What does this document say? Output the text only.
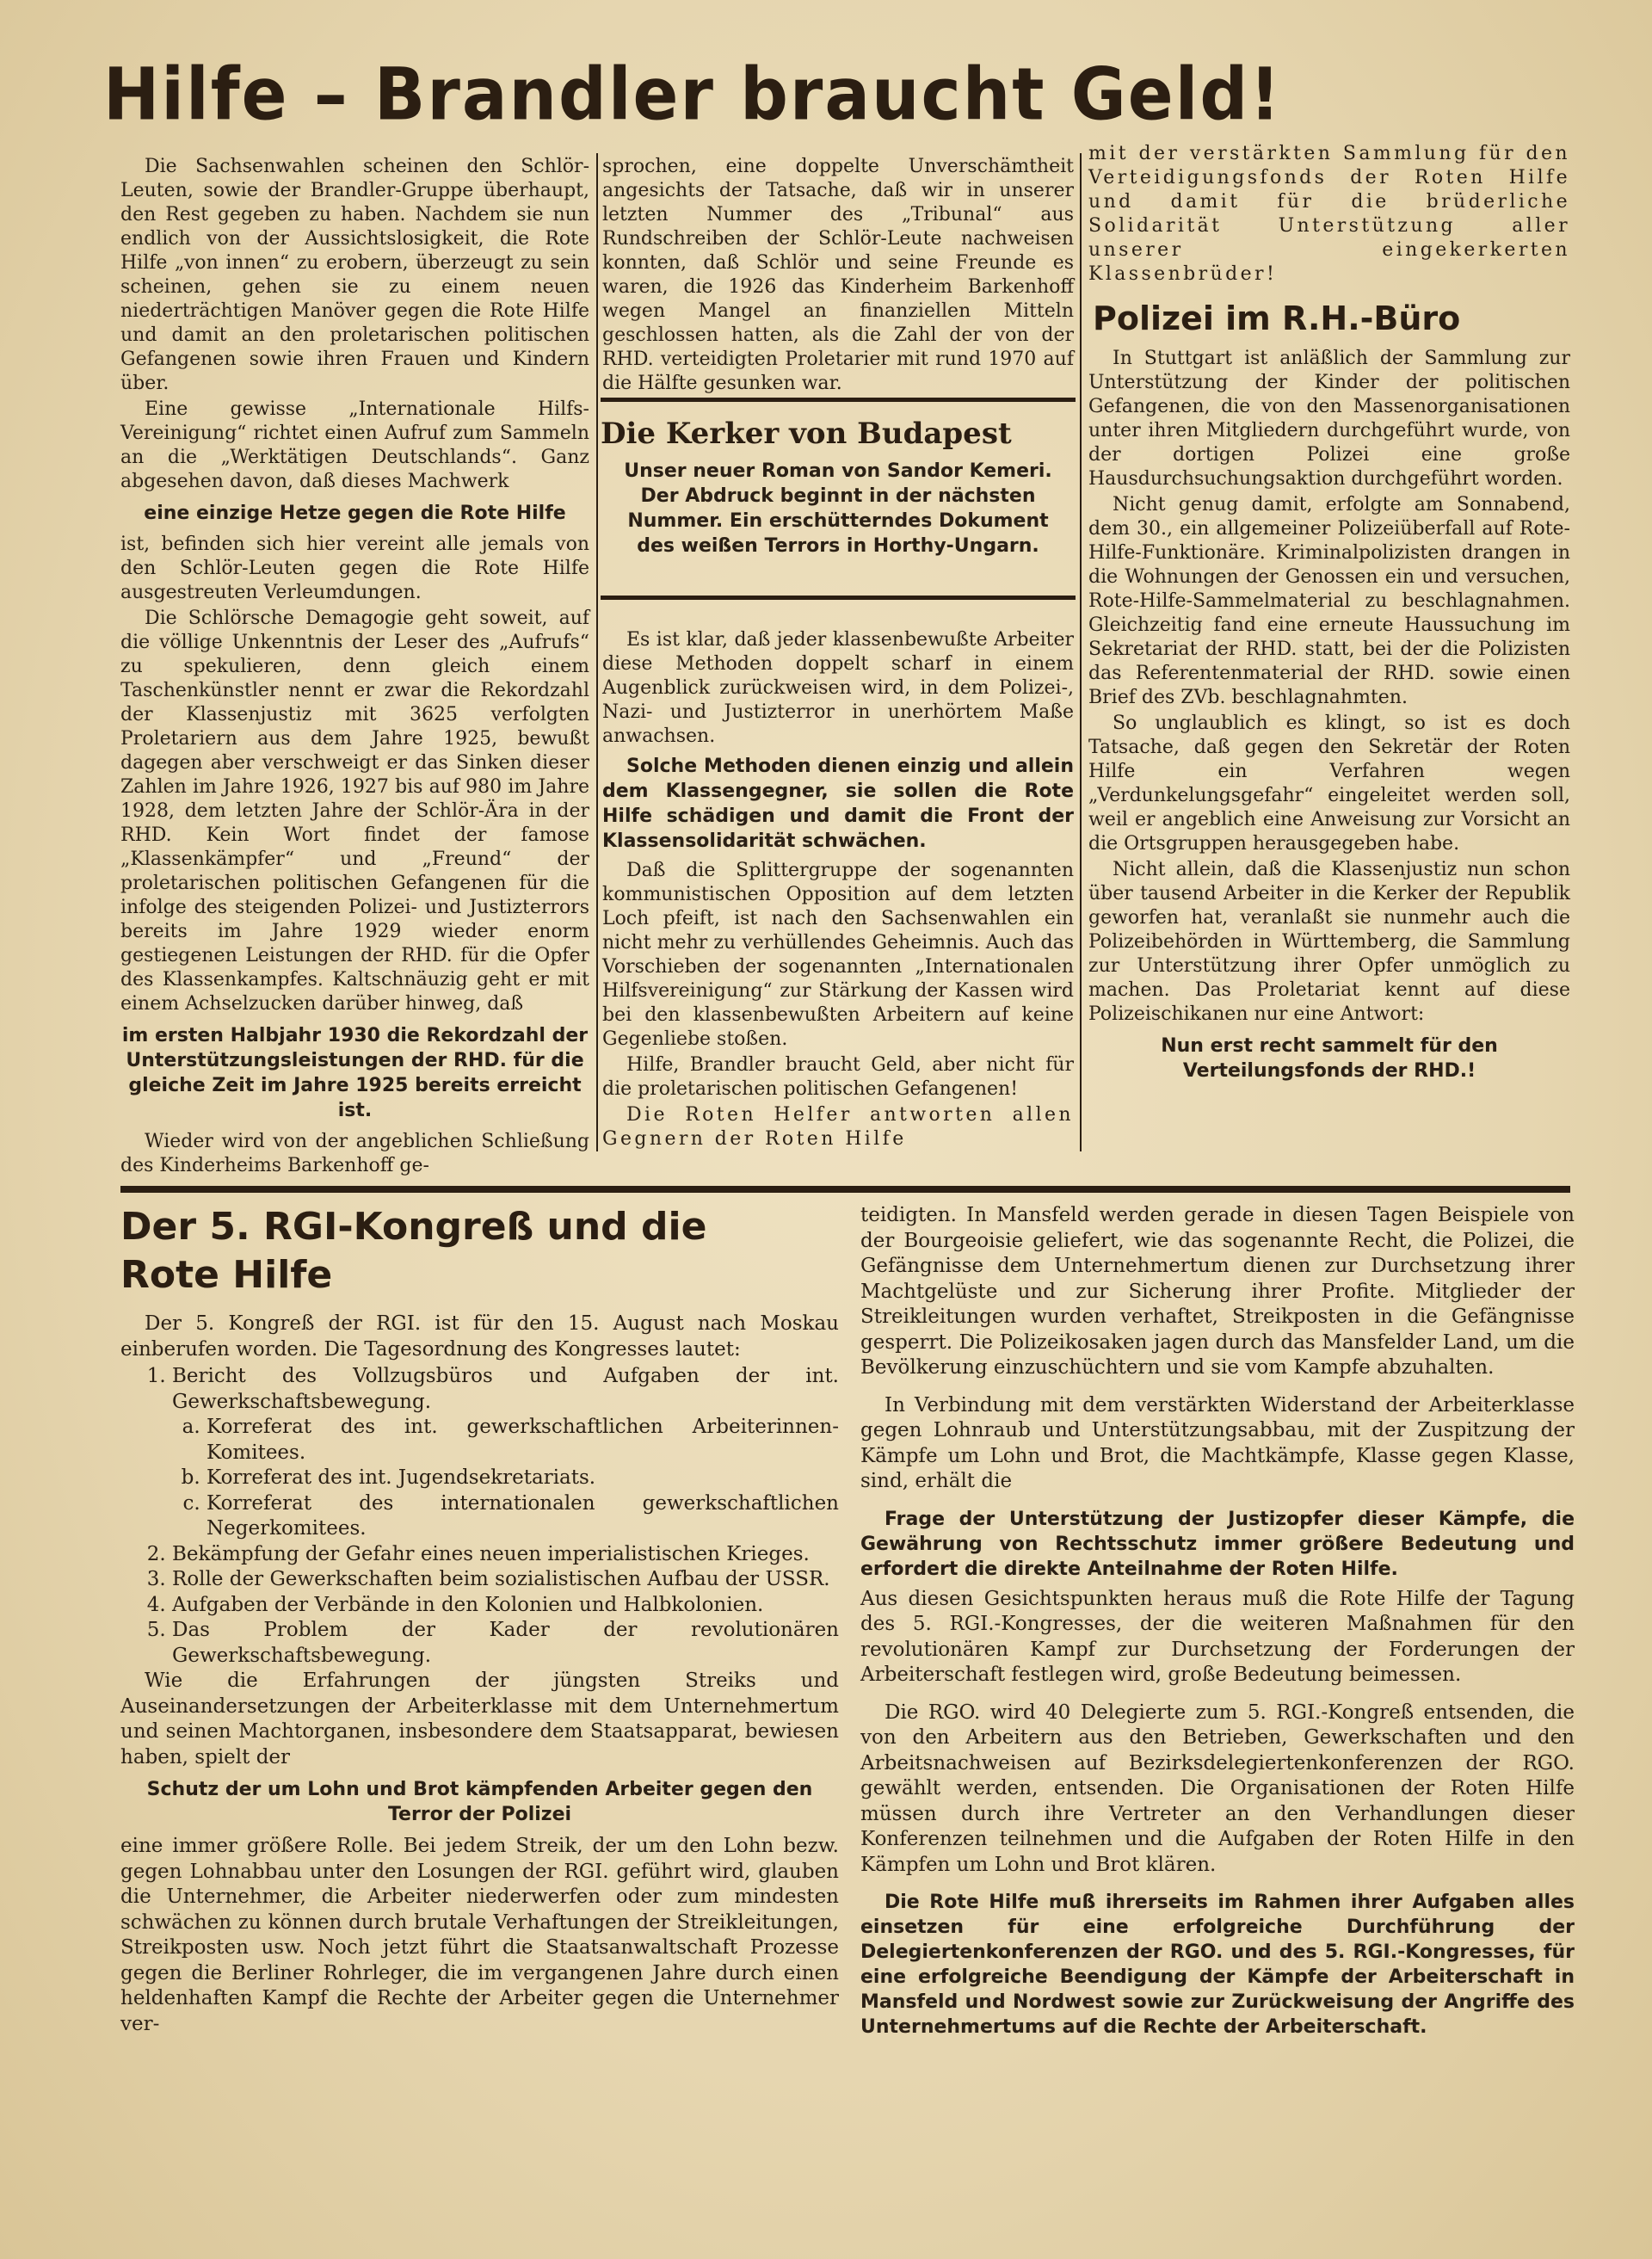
Hilfe – Brandler braucht Geld!

Die Sachsenwahlen scheinen den Schlör-Leuten, sowie der Brandler-Gruppe überhaupt, den Rest gegeben zu haben. Nachdem sie nun endlich von der Aussichtslosigkeit, die Rote Hilfe „von innen“ zu erobern, überzeugt zu sein scheinen, gehen sie zu einem neuen niederträchtigen Manöver gegen die Rote Hilfe und damit an den proletarischen politischen Gefangenen sowie ihren Frauen und Kindern über.

Eine gewisse „Internationale Hilfs-Vereinigung“ richtet einen Aufruf zum Sammeln an die „Werktätigen Deutschlands“. Ganz abgesehen davon, daß dieses Machwerk

eine einzige Hetze gegen die Rote Hilfe

ist, befinden sich hier vereint alle jemals von den Schlör-Leuten gegen die Rote Hilfe ausgestreuten Verleumdungen.

Die Schlörsche Demagogie geht soweit, auf die völlige Unkenntnis der Leser des „Aufrufs“ zu spekulieren, denn gleich einem Taschenkünstler nennt er zwar die Rekordzahl der Klassenjustiz mit 3625 verfolgten Proletariern aus dem Jahre 1925, bewußt dagegen aber verschweigt er das Sinken dieser Zahlen im Jahre 1926, 1927 bis auf 980 im Jahre 1928, dem letzten Jahre der Schlör-Ära in der RHD. Kein Wort findet der famose „Klassenkämpfer“ und „Freund“ der proletarischen politischen Gefangenen für die infolge des steigenden Polizei- und Justizterrors bereits im Jahre 1929 wieder enorm gestiegenen Leistungen der RHD. für die Opfer des Klassenkampfes. Kaltschnäuzig geht er mit einem Achselzucken darüber hinweg, daß

im ersten Halbjahr 1930 die Rekordzahl der Unterstützungsleistungen der RHD. für die gleiche Zeit im Jahre 1925 bereits erreicht ist.

Wieder wird von der angeblichen Schließung des Kinderheims Barkenhoff ge-

sprochen, eine doppelte Unverschämtheit angesichts der Tatsache, daß wir in unserer letzten Nummer des „Tribunal“ aus Rundschreiben der Schlör-Leute nachweisen konnten, daß Schlör und seine Freunde es waren, die 1926 das Kinderheim Barkenhoff wegen Mangel an finanziellen Mitteln geschlossen hatten, als die Zahl der von der RHD. verteidigten Proletarier mit rund 1970 auf die Hälfte gesunken war.

Die Kerker von Budapest
Unser neuer Roman von Sandor Kemeri. Der Abdruck beginnt in der nächsten Nummer. Ein erschütterndes Dokument des weißen Terrors in Horthy-Ungarn.

Es ist klar, daß jeder klassenbewußte Arbeiter diese Methoden doppelt scharf in einem Augenblick zurückweisen wird, in dem Polizei-, Nazi- und Justizterror in unerhörtem Maße anwachsen.

Solche Methoden dienen einzig und allein dem Klassengegner, sie sollen die Rote Hilfe schädigen und damit die Front der Klassensolidarität schwächen.

Daß die Splittergruppe der sogenannten kommunistischen Opposition auf dem letzten Loch pfeift, ist nach den Sachsenwahlen ein nicht mehr zu verhüllendes Geheimnis. Auch das Vorschieben der sogenannten „Internationalen Hilfsvereinigung“ zur Stärkung der Kassen wird bei den klassenbewußten Arbeitern auf keine Gegenliebe stoßen.

Hilfe, Brandler braucht Geld, aber nicht für die proletarischen politischen Gefangenen!

Die Roten Helfer antworten allen Gegnern der Roten Hilfe

mit der verstärkten Sammlung für den Verteidigungsfonds der Roten Hilfe und damit für die brüderliche Solidarität Unterstützung aller unserer eingekerkerten Klassenbrüder!

Polizei im R.H.-Büro

In Stuttgart ist anläßlich der Sammlung zur Unterstützung der Kinder der politischen Gefangenen, die von den Massenorganisationen unter ihren Mitgliedern durchgeführt wurde, von der dortigen Polizei eine große Hausdurchsuchungsaktion durchgeführt worden.

Nicht genug damit, erfolgte am Sonnabend, dem 30., ein allgemeiner Polizeiüberfall auf Rote-Hilfe-Funktionäre. Kriminalpolizisten drangen in die Wohnungen der Genossen ein und versuchen, Rote-Hilfe-Sammelmaterial zu beschlagnahmen. Gleichzeitig fand eine erneute Haussuchung im Sekretariat der RHD. statt, bei der die Polizisten das Referentenmaterial der RHD. sowie einen Brief des ZVb. beschlagnahmten.

So unglaublich es klingt, so ist es doch Tatsache, daß gegen den Sekretär der Roten Hilfe ein Verfahren wegen „Verdunkelungsgefahr“ eingeleitet werden soll, weil er angeblich eine Anweisung zur Vorsicht an die Ortsgruppen herausgegeben habe.

Nicht allein, daß die Klassenjustiz nun schon über tausend Arbeiter in die Kerker der Republik geworfen hat, veranlaßt sie nunmehr auch die Polizeibehörden in Württemberg, die Sammlung zur Unterstützung ihrer Opfer unmöglich zu machen. Das Proletariat kennt auf diese Polizeischikanen nur eine Antwort:

Nun erst recht sammelt für den Verteilungsfonds der RHD.!

Der 5. RGI-Kongreß und die
Rote Hilfe

Der 5. Kongreß der RGI. ist für den 15. August nach Moskau einberufen worden. Die Tagesordnung des Kongresses lautet:

1. Bericht des Vollzugsbüros und Aufgaben der int. Gewerkschaftsbewegung.
a. Korreferat des int. gewerkschaftlichen Arbeiterinnen-Komitees.
b. Korreferat des int. Jugendsekretariats.
c. Korreferat des internationalen gewerkschaftlichen Negerkomitees.
2. Bekämpfung der Gefahr eines neuen imperialistischen Krieges.
3. Rolle der Gewerkschaften beim sozialistischen Aufbau der USSR.
4. Aufgaben der Verbände in den Kolonien und Halbkolonien.
5. Das Problem der Kader der revolutionären Gewerkschaftsbewegung.

Wie die Erfahrungen der jüngsten Streiks und Auseinandersetzungen der Arbeiterklasse mit dem Unternehmertum und seinen Machtorganen, insbesondere dem Staatsapparat, bewiesen haben, spielt der

Schutz der um Lohn und Brot kämpfenden Arbeiter gegen den Terror der Polizei

eine immer größere Rolle. Bei jedem Streik, der um den Lohn bezw. gegen Lohnabbau unter den Losungen der RGI. geführt wird, glauben die Unternehmer, die Arbeiter niederwerfen oder zum mindesten schwächen zu können durch brutale Verhaftungen der Streikleitungen, Streikposten usw. Noch jetzt führt die Staatsanwaltschaft Prozesse gegen die Berliner Rohrleger, die im vergangenen Jahre durch einen heldenhaften Kampf die Rechte der Arbeiter gegen die Unternehmer ver-

teidigten. In Mansfeld werden gerade in diesen Tagen Beispiele von der Bourgeoisie geliefert, wie das sogenannte Recht, die Polizei, die Gefängnisse dem Unternehmertum dienen zur Durchsetzung ihrer Machtgelüste und zur Sicherung ihrer Profite. Mitglieder der Streikleitungen wurden verhaftet, Streikposten in die Gefängnisse gesperrt. Die Polizeikosaken jagen durch das Mansfelder Land, um die Bevölkerung einzuschüchtern und sie vom Kampfe abzuhalten.

In Verbindung mit dem verstärkten Widerstand der Arbeiterklasse gegen Lohnraub und Unterstützungsabbau, mit der Zuspitzung der Kämpfe um Lohn und Brot, die Machtkämpfe, Klasse gegen Klasse, sind, erhält die

Frage der Unterstützung der Justizopfer dieser Kämpfe, die Gewährung von Rechtsschutz immer größere Bedeutung und erfordert die direkte Anteilnahme der Roten Hilfe.

Aus diesen Gesichtspunkten heraus muß die Rote Hilfe der Tagung des 5. RGI.-Kongresses, der die weiteren Maßnahmen für den revolutionären Kampf zur Durchsetzung der Forderungen der Arbeiterschaft festlegen wird, große Bedeutung beimessen.

Die RGO. wird 40 Delegierte zum 5. RGI.-Kongreß entsenden, die von den Arbeitern aus den Betrieben, Gewerkschaften und den Arbeitsnachweisen auf Bezirksdelegiertenkonferenzen der RGO. gewählt werden, entsenden. Die Organisationen der Roten Hilfe müssen durch ihre Vertreter an den Verhandlungen dieser Konferenzen teilnehmen und die Aufgaben der Roten Hilfe in den Kämpfen um Lohn und Brot klären.

Die Rote Hilfe muß ihrerseits im Rahmen ihrer Aufgaben alles einsetzen für eine erfolgreiche Durchführung der Delegiertenkonferenzen der RGO. und des 5. RGI.-Kongresses, für eine erfolgreiche Beendigung der Kämpfe der Arbeiterschaft in Mansfeld und Nordwest sowie zur Zurückweisung der Angriffe des Unternehmertums auf die Rechte der Arbeiterschaft.
